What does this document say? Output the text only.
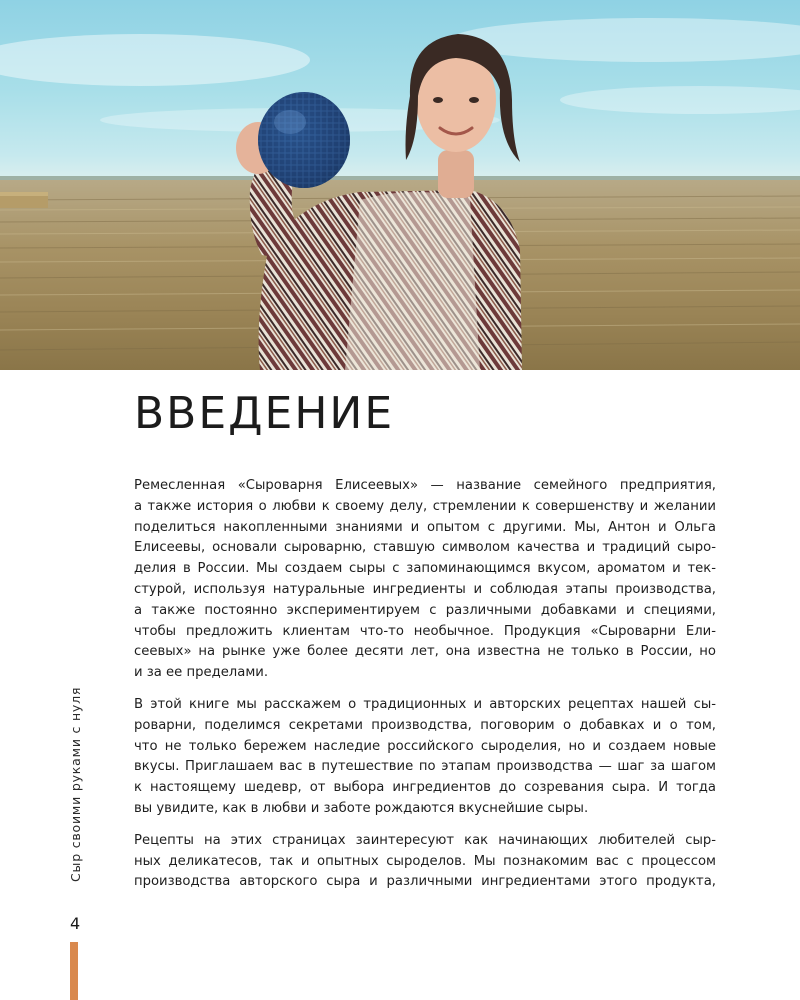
ВВЕДЕНИЕ

Ремесленная «Сыроварня Елисеевых» — название семейного предприятия,
а также история о любви к своему делу, стремлении к совершенству и желании
поделиться накопленными знаниями и опытом с другими. Мы, Антон и Ольга
Елисеевы, основали сыроварню, ставшую символом качества и традиций сыро-
делия в России. Мы создаем сыры с запоминающимся вкусом, ароматом и тек-
стурой, используя натуральные ингредиенты и соблюдая этапы производства,
а также постоянно экспериментируем с различными добавками и специями,
чтобы предложить клиентам что-то необычное. Продукция «Сыроварни Ели-
сеевых» на рынке уже более десяти лет, она известна не только в России, но
и за ее пределами.

В этой книге мы расскажем о традиционных и авторских рецептах нашей сы-
роварни, поделимся секретами производства, поговорим о добавках и о том,
что не только бережем наследие российского сыроделия, но и создаем новые
вкусы. Приглашаем вас в путешествие по этапам производства — шаг за шагом
к настоящему шедевр, от выбора ингредиентов до созревания сыра. И тогда
вы увидите, как в любви и заботе рождаются вкуснейшие сыры.

Рецепты на этих страницах заинтересуют как начинающих любителей сыр-
ных деликатесов, так и опытных сыроделов. Мы познакомим вас с процессом
производства авторского сыра и различными ингредиентами этого продукта,

Сыр своими руками с нуля
4
